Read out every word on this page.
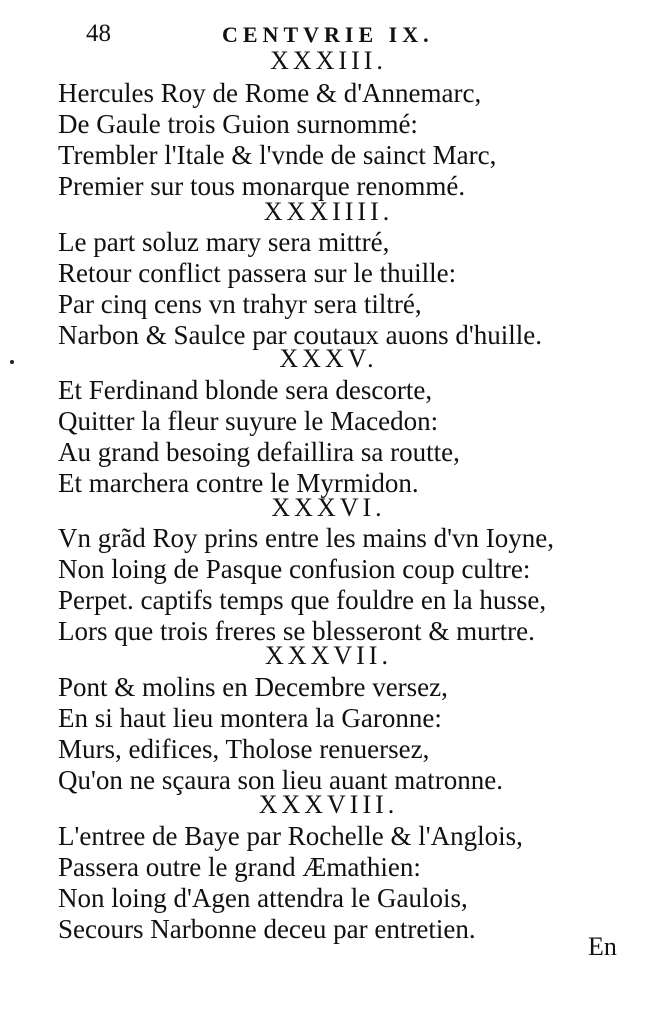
48	CENTVRIE IX.
XXXIII.
Hercules Roy de Rome & d'Annemarc,
De Gaule trois Guion surnommé:
Trembler l'Itale & l'vnde de sainct Marc,
Premier sur tous monarque renommé.
XXXIIII.
Le part soluz mary sera mittré,
Retour conflict passera sur le thuille:
Par cinq cens vn trahyr sera tiltré,
Narbon & Saulce par coutaux auons d'huille.
XXXV.
Et Ferdinand blonde sera descorte,
Quitter la fleur suyure le Macedon:
Au grand besoing defaillira sa routte,
Et marchera contre le Myrmidon.
XXXVI.
Vn grãd Roy prins entre les mains d'vn Ioyne,
Non loing de Pasque confusion coup cultre:
Perpet. captifs temps que fouldre en la husse,
Lors que trois freres se blesseront & murtre.
XXXVII.
Pont & molins en Decembre versez,
En si haut lieu montera la Garonne:
Murs, edifices, Tholose renuersez,
Qu'on ne sçaura son lieu auant matronne.
XXXVIII.
L'entree de Baye par Rochelle & l'Anglois,
Passera outre le grand Æmathien:
Non loing d'Agen attendra le Gaulois,
Secours Narbonne deceu par entretien.
En
